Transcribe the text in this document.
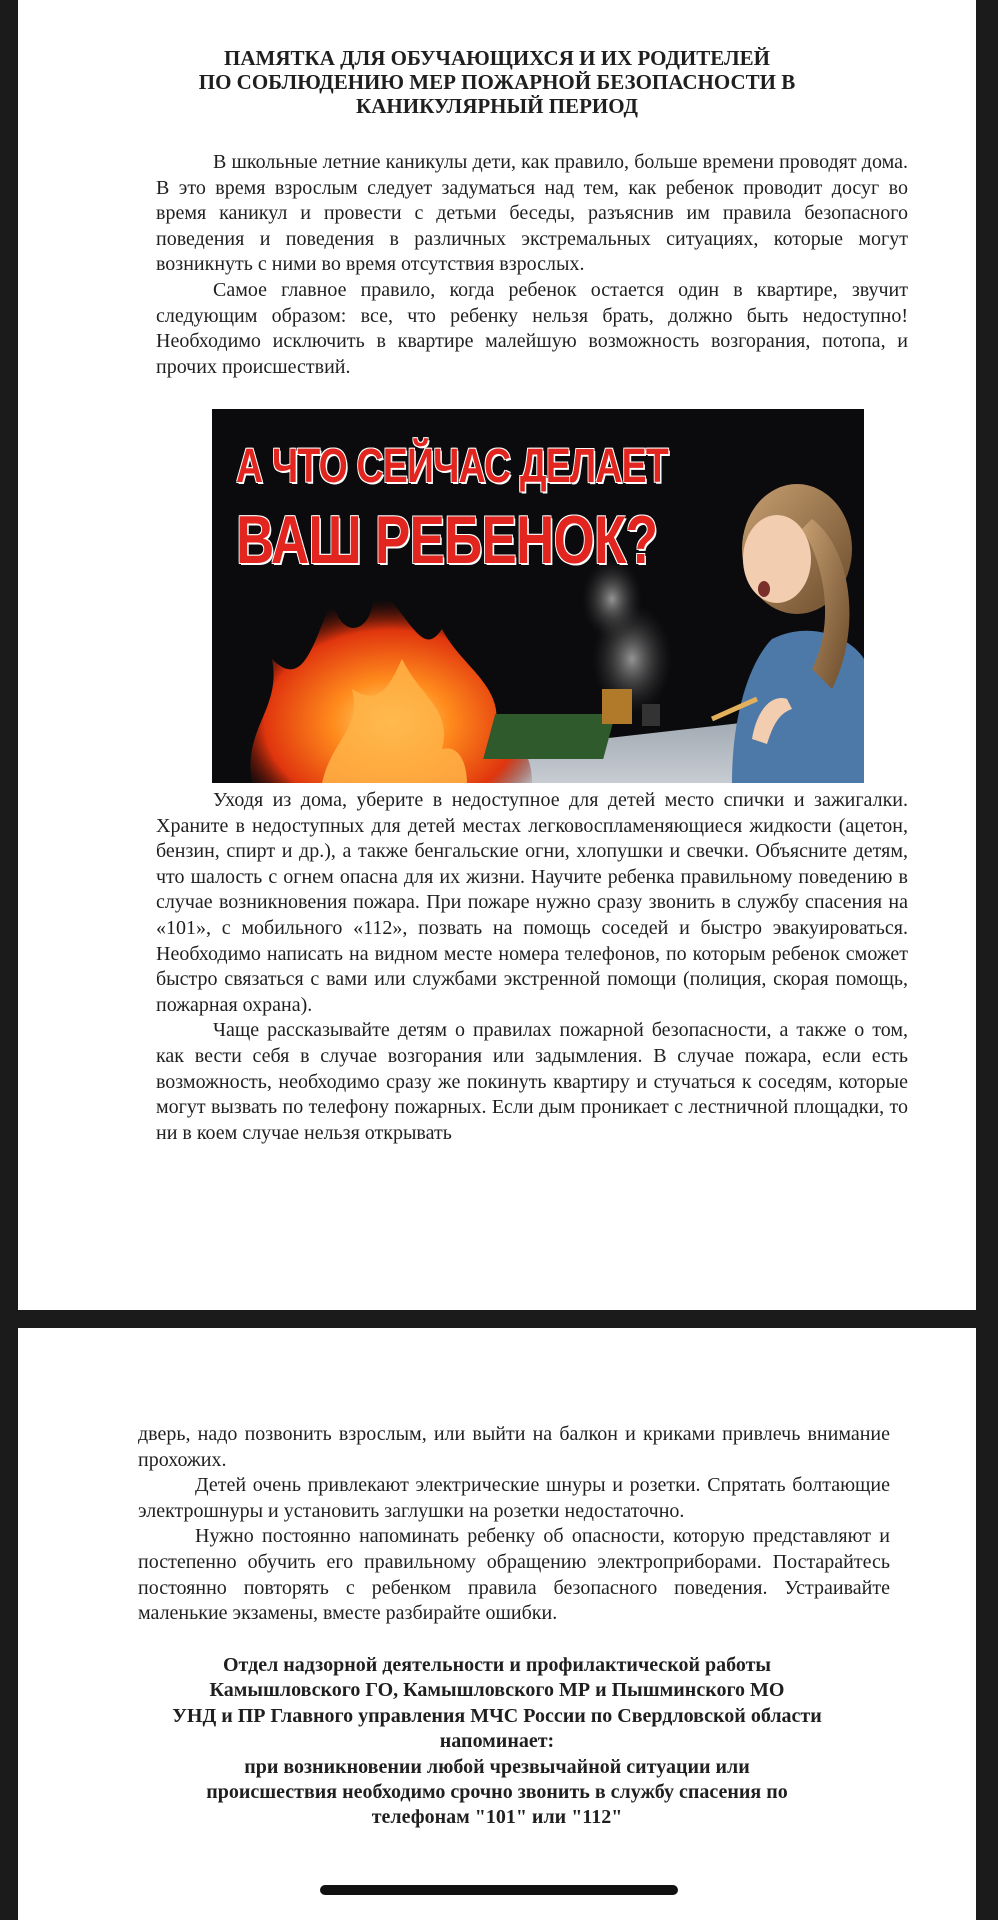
ПАМЯТКА ДЛЯ ОБУЧАЮЩИХСЯ И ИХ РОДИТЕЛЕЙ
ПО СОБЛЮДЕНИЮ МЕР ПОЖАРНОЙ БЕЗОПАСНОСТИ В
КАНИКУЛЯРНЫЙ ПЕРИОД

В школьные летние каникулы дети, как правило, больше времени проводят дома. В это время взрослым следует задуматься над тем, как ребенок проводит досуг во время каникул и провести с детьми беседы, разъяснив им правила безопасного поведения и поведения в различных экстремальных ситуациях, которые могут возникнуть с ними во время отсутствия взрослых.

Самое главное правило, когда ребенок остается один в квартире, звучит следующим образом: все, что ребенку нельзя брать, должно быть недоступно! Необходимо исключить в квартире малейшую возможность возгорания, потопа, и прочих происшествий.

А ЧТО СЕЙЧАС ДЕЛАЕТ
ВАШ РЕБЕНОК?

Уходя из дома, уберите в недоступное для детей место спички и зажигалки. Храните в недоступных для детей местах легковоспламеняющиеся жидкости (ацетон, бензин, спирт и др.), а также бенгальские огни, хлопушки и свечки. Объясните детям, что шалость с огнем опасна для их жизни. Научите ребенка правильному поведению в случае возникновения пожара. При пожаре нужно сразу звонить в службу спасения на «101», с мобильного «112», позвать на помощь соседей и быстро эвакуироваться. Необходимо написать на видном месте номера телефонов, по которым ребенок сможет быстро связаться с вами или службами экстренной помощи (полиция, скорая помощь, пожарная охрана).

Чаще рассказывайте детям о правилах пожарной безопасности, а также о том, как вести себя в случае возгорания или задымления. В случае пожара, если есть возможность, необходимо сразу же покинуть квартиру и стучаться к соседям, которые могут вызвать по телефону пожарных. Если дым проникает с лестничной площадки, то ни в коем случае нельзя открывать

дверь, надо позвонить взрослым, или выйти на балкон и криками привлечь внимание прохожих.

Детей очень привлекают электрические шнуры и розетки. Спрятать болтающие электрошнуры и установить заглушки на розетки недостаточно.

Нужно постоянно напоминать ребенку об опасности, которую представляют и постепенно обучить его правильному обращению электроприборами. Постарайтесь постоянно повторять с ребенком правила безопасного поведения. Устраивайте маленькие экзамены, вместе разбирайте ошибки.

Отдел надзорной деятельности и профилактической работы
Камышловского ГО, Камышловского МР и Пышминского МО
УНД и ПР Главного управления МЧС России по Свердловской области
напоминает:
при возникновении любой чрезвычайной ситуации или
происшествия необходимо срочно звонить в службу спасения по
телефонам "101" или "112"
